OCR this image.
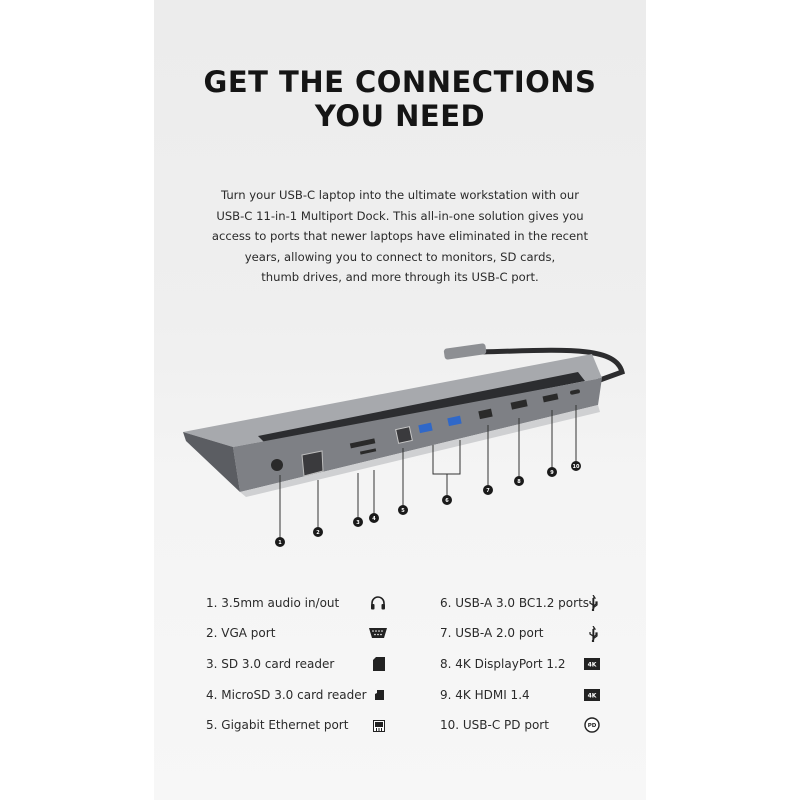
GET THE CONNECTIONS
YOU NEED
Turn your USB-C laptop into the ultimate workstation with our
USB-C 11-in-1 Multiport Dock. This all-in-one solution gives you
access to ports that newer laptops have eliminated in the recent
years, allowing you to connect to monitors, SD cards,
thumb drives, and more through its USB-C port.
1
2
3
4
5
6
7
8
9
10
1. 3.5mm audio in/out
2. VGA port
3. SD 3.0 card reader
4. MicroSD 3.0 card reader
5. Gigabit Ethernet port
6. USB-A 3.0 BC1.2 ports
7. USB-A 2.0 port
8. 4K DisplayPort 1.2
9. 4K HDMI 1.4
10. USB-C PD port
4K
4K
PD
